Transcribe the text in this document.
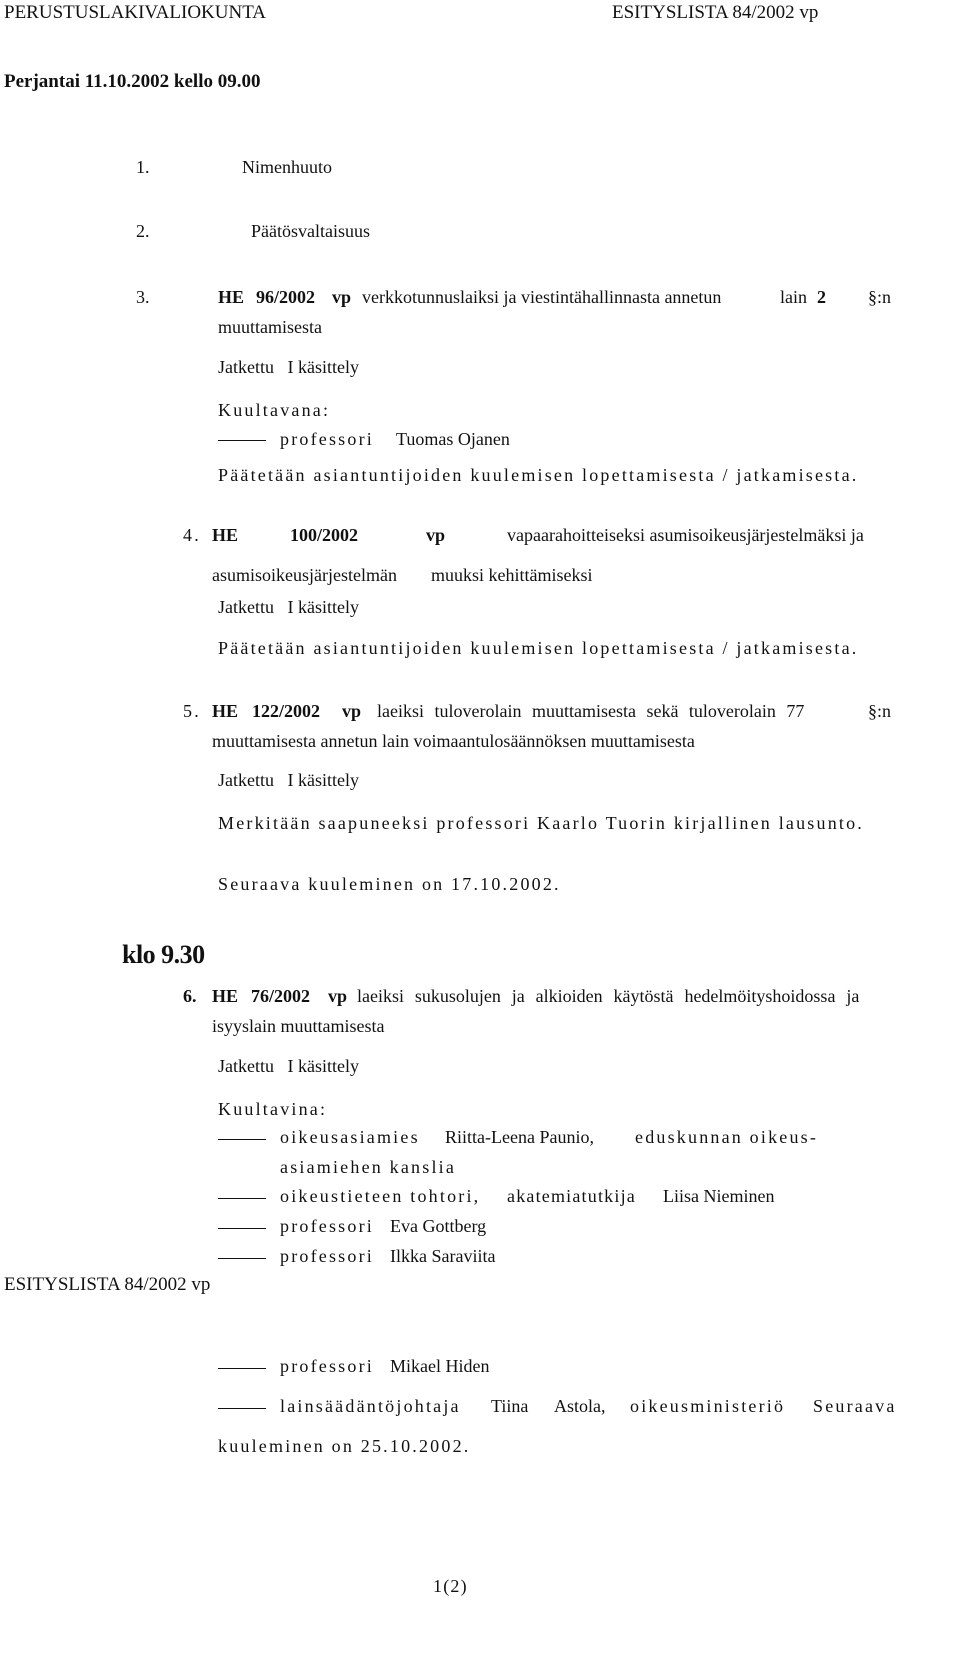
PERUSTUSLAKIVALIOKUNTA	ESITYSLISTA 84/2002 vp
Perjantai 11.10.2002 kello 09.00
1.	Nimenhuuto
2.	Päätösvaltaisuus
3.	HE 96/2002 vp verkkotunnuslaiksi ja viestintähallinnasta annetun	lain 2 §:n
muuttamisesta
Jatkettu   I käsittely
Kuultavana:
professori Tuomas Ojanen
Päätetään asiantuntijoiden kuulemisen lopettamisesta / jatkamisesta.
4. HE	100/2002	vp	vapaarahoitteiseksi asumisoikeusjärjestelmäksi ja
asumisoikeusjärjestelmän muuksi kehittämiseksi
Jatkettu   I käsittely
Päätetään asiantuntijoiden kuulemisen lopettamisesta / jatkamisesta.
5. HE 122/2002 vp laeiksi tuloverolain muuttamisesta sekä tuloverolain 77	§:n
muuttamisesta annetun lain voimaantulosäännöksen muuttamisesta
Jatkettu   I käsittely
Merkitään saapuneeksi professori Kaarlo Tuorin kirjallinen lausunto.
Seuraava kuuleminen on 17.10.2002.
klo 9.30
6. HE 76/2002 vp laeiksi sukusolujen ja alkioiden käytöstä hedelmöityshoidossa ja
isyyslain muuttamisesta
Jatkettu   I käsittely
Kuultavina:
oikeusasiamies Riitta-Leena Paunio, eduskunnan oikeus-
asiamiehen kanslia
oikeustieteen tohtori, akatemiatutkija Liisa Nieminen
professori Eva Gottberg
professori Ilkka Saraviita
ESITYSLISTA 84/2002 vp
professori Mikael Hiden
lainsäädäntöjohtaja Tiina Astola, oikeusministeriö Seuraava
kuuleminen on 25.10.2002.
1(2)
